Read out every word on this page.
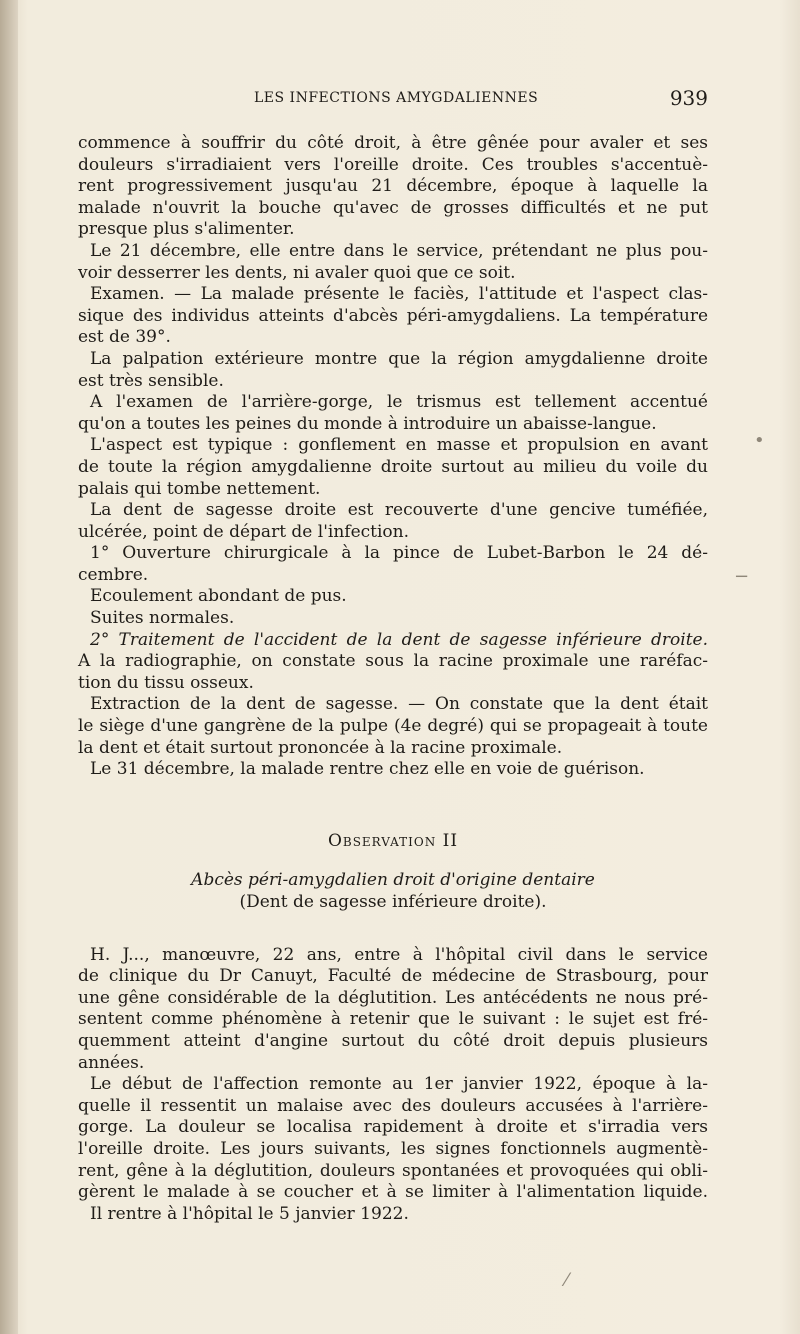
LES INFECTIONS AMYGDALIENNES	939
commence à souffrir du côté droit, à être gênée pour avaler et ses
douleurs s'irradiaient vers l'oreille droite. Ces troubles s'accentuè-
rent progressivement jusqu'au 21 décembre, époque à laquelle la
malade n'ouvrit la bouche qu'avec de grosses difficultés et ne put
presque plus s'alimenter.
Le 21 décembre, elle entre dans le service, prétendant ne plus pou-
voir desserrer les dents, ni avaler quoi que ce soit.
Examen. — La malade présente le faciès, l'attitude et l'aspect clas-
sique des individus atteints d'abcès péri-amygdaliens. La température
est de 39°.
La palpation extérieure montre que la région amygdalienne droite
est très sensible.
A l'examen de l'arrière-gorge, le trismus est tellement accentué
qu'on a toutes les peines du monde à introduire un abaisse-langue.
L'aspect est typique : gonflement en masse et propulsion en avant
de toute la région amygdalienne droite surtout au milieu du voile du
palais qui tombe nettement.
La dent de sagesse droite est recouverte d'une gencive tuméfiée,
ulcérée, point de départ de l'infection.
1° Ouverture chirurgicale à la pince de Lubet-Barbon le 24 dé-
cembre.
Ecoulement abondant de pus.
Suites normales.
2° Traitement de l'accident de la dent de sagesse inférieure droite.
A la radiographie, on constate sous la racine proximale une raréfac-
tion du tissu osseux.
Extraction de la dent de sagesse. — On constate que la dent était
le siège d'une gangrène de la pulpe (4e degré) qui se propageait à toute
la dent et était surtout prononcée à la racine proximale.
Le 31 décembre, la malade rentre chez elle en voie de guérison.
Observation II
Abcès péri-amygdalien droit d'origine dentaire
(Dent de sagesse inférieure droite).
H. J..., manœuvre, 22 ans, entre à l'hôpital civil dans le service
de clinique du Dr Canuyt, Faculté de médecine de Strasbourg, pour
une gêne considérable de la déglutition. Les antécédents ne nous pré-
sentent comme phénomène à retenir que le suivant : le sujet est fré-
quemment atteint d'angine surtout du côté droit depuis plusieurs
années.
Le début de l'affection remonte au 1er janvier 1922, époque à la-
quelle il ressentit un malaise avec des douleurs accusées à l'arrière-
gorge. La douleur se localisa rapidement à droite et s'irradia vers
l'oreille droite. Les jours suivants, les signes fonctionnels augmentè-
rent, gêne à la déglutition, douleurs spontanées et provoquées qui obli-
gèrent le malade à se coucher et à se limiter à l'alimentation liquide.
Il rentre à l'hôpital le 5 janvier 1922.
•
−
⁄
